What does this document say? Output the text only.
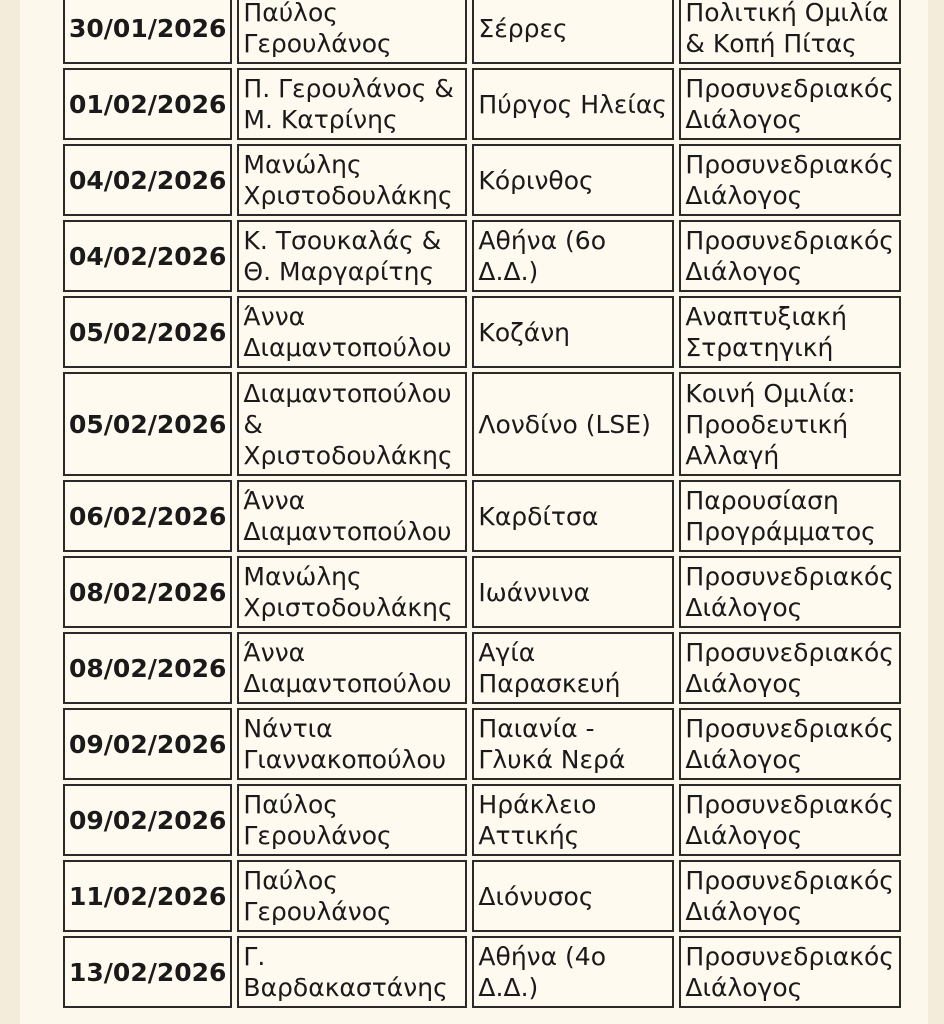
30/01/2026	Παύλος Γερουλάνος	Σέρρες	Πολιτική Ομιλία & Κοπή Πίτας

01/02/2026	Π. Γερουλάνος & Μ. Κατρίνης	Πύργος Ηλείας	Προσυνεδριακός Διάλογος

04/02/2026	Μανώλης Χριστοδουλάκης	Κόρινθος	Προσυνεδριακός Διάλογος

04/02/2026	Κ. Τσουκαλάς & Θ. Μαργαρίτης	Αθήνα (6ο Δ.Δ.)	Προσυνεδριακός Διάλογος

05/02/2026	Άννα Διαμαντοπούλου	Κοζάνη	Αναπτυξιακή Στρατηγική

05/02/2026	Διαμαντοπούλου & Χριστοδουλάκης	Λονδίνο (LSE)	Κοινή Ομιλία: Προοδευτική Αλλαγή

06/02/2026	Άννα Διαμαντοπούλου	Καρδίτσα	Παρουσίαση Προγράμματος

08/02/2026	Μανώλης Χριστοδουλάκης	Ιωάννινα	Προσυνεδριακός Διάλογος

08/02/2026	Άννα Διαμαντοπούλου	Αγία Παρασκευή	Προσυνεδριακός Διάλογος

09/02/2026	Νάντια Γιαννακοπούλου	Παιανία - Γλυκά Νερά	Προσυνεδριακός Διάλογος

09/02/2026	Παύλος Γερουλάνος	Ηράκλειο Αττικής	Προσυνεδριακός Διάλογος

11/02/2026	Παύλος Γερουλάνος	Διόνυσος	Προσυνεδριακός Διάλογος

13/02/2026	Γ. Βαρδακαστάνης	Αθήνα (4ο Δ.Δ.)	Προσυνεδριακός Διάλογος
